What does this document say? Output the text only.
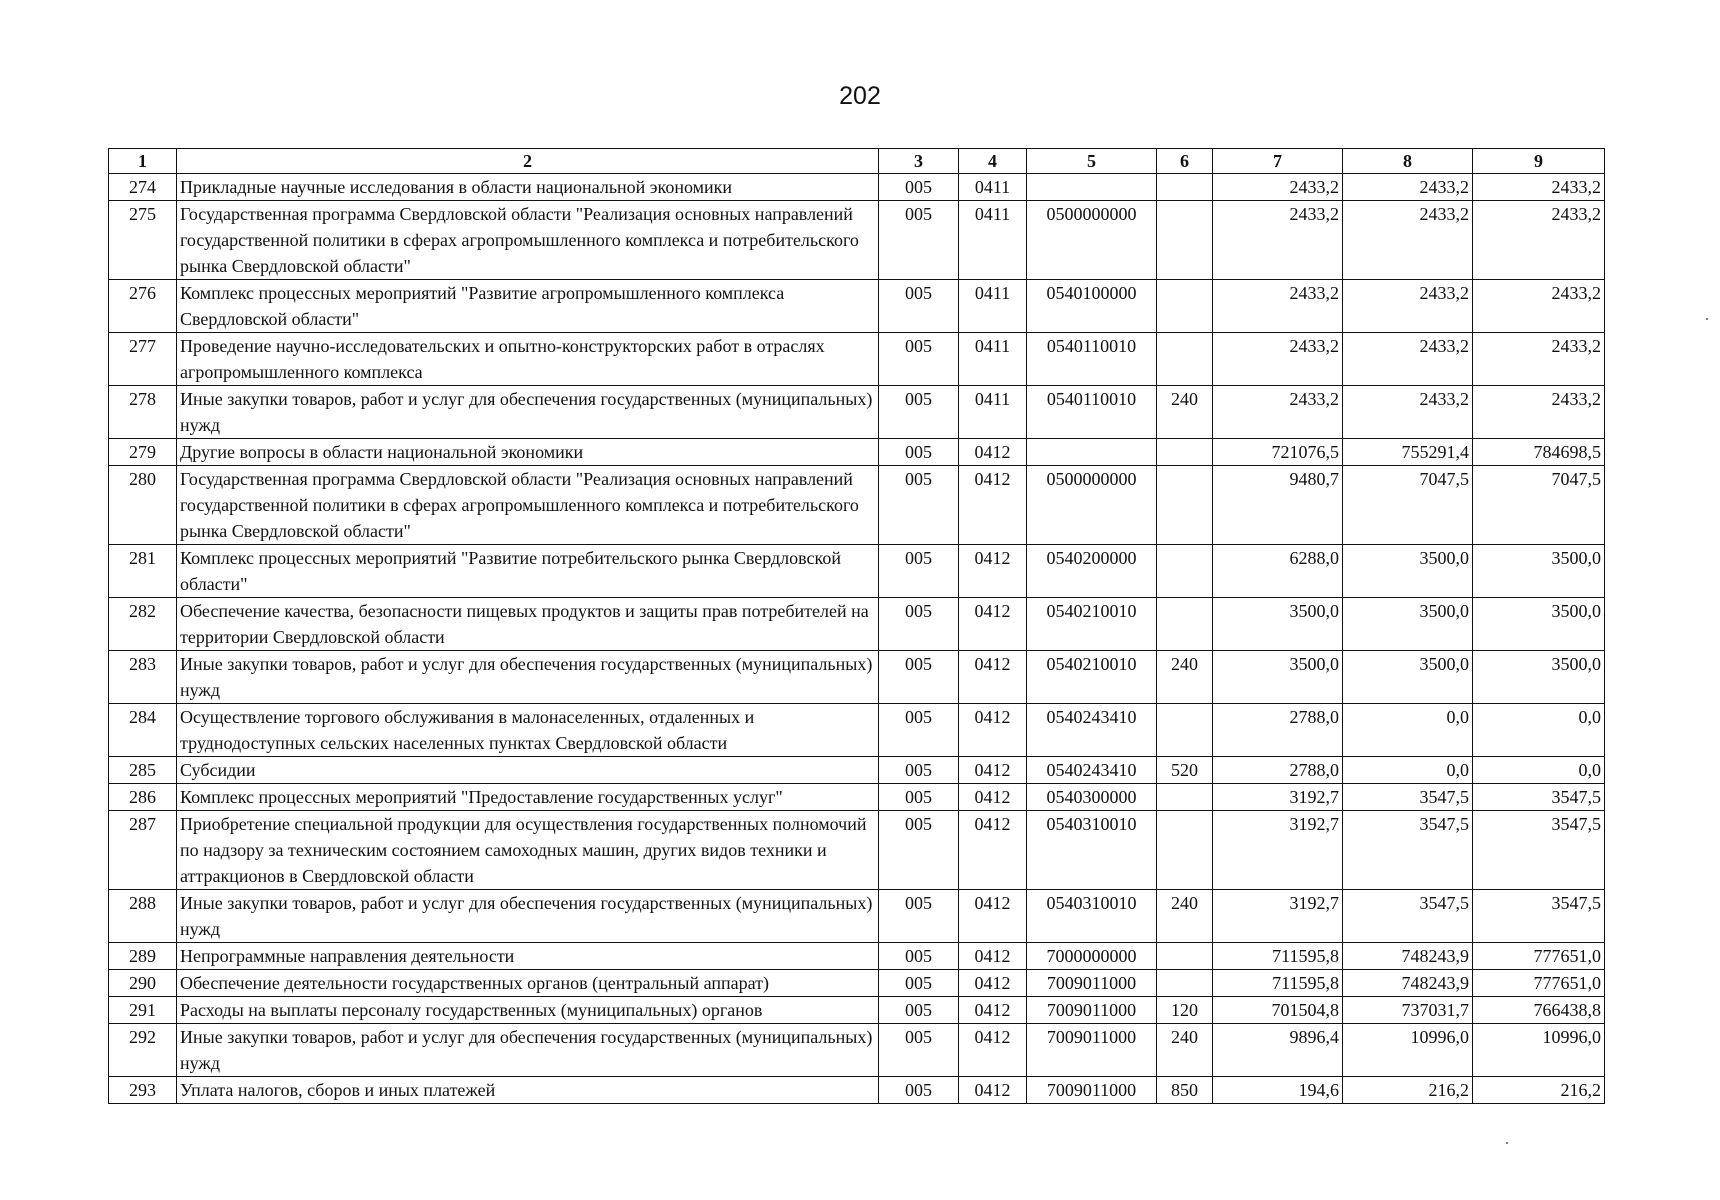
202
1	2	3	4	5	6	7	8	9
274	Прикладные научные исследования в области национальной экономики	005	0411			2433,2	2433,2	2433,2
275	Государственная программа Свердловской области "Реализация основных направлений государственной политики в сферах агропромышленного комплекса и потребительского рынка Свердловской области"	005	0411	0500000000		2433,2	2433,2	2433,2
276	Комплекс процессных мероприятий "Развитие агропромышленного комплекса Свердловской области"	005	0411	0540100000		2433,2	2433,2	2433,2
277	Проведение научно-исследовательских и опытно-конструкторских работ в отраслях агропромышленного комплекса	005	0411	0540110010		2433,2	2433,2	2433,2
278	Иные закупки товаров, работ и услуг для обеспечения государственных (муниципальных) нужд	005	0411	0540110010	240	2433,2	2433,2	2433,2
279	Другие вопросы в области национальной экономики	005	0412			721076,5	755291,4	784698,5
280	Государственная программа Свердловской области "Реализация основных направлений государственной политики в сферах агропромышленного комплекса и потребительского рынка Свердловской области"	005	0412	0500000000		9480,7	7047,5	7047,5
281	Комплекс процессных мероприятий "Развитие потребительского рынка Свердловской области"	005	0412	0540200000		6288,0	3500,0	3500,0
282	Обеспечение качества, безопасности пищевых продуктов и защиты прав потребителей на территории Свердловской области	005	0412	0540210010		3500,0	3500,0	3500,0
283	Иные закупки товаров, работ и услуг для обеспечения государственных (муниципальных) нужд	005	0412	0540210010	240	3500,0	3500,0	3500,0
284	Осуществление торгового обслуживания в малонаселенных, отдаленных и труднодоступных сельских населенных пунктах Свердловской области	005	0412	0540243410		2788,0	0,0	0,0
285	Субсидии	005	0412	0540243410	520	2788,0	0,0	0,0
286	Комплекс процессных мероприятий "Предоставление государственных услуг"	005	0412	0540300000		3192,7	3547,5	3547,5
287	Приобретение специальной продукции для осуществления государственных полномочий по надзору за техническим состоянием самоходных машин, других видов техники и аттракционов в Свердловской области	005	0412	0540310010		3192,7	3547,5	3547,5
288	Иные закупки товаров, работ и услуг для обеспечения государственных (муниципальных) нужд	005	0412	0540310010	240	3192,7	3547,5	3547,5
289	Непрограммные направления деятельности	005	0412	7000000000		711595,8	748243,9	777651,0
290	Обеспечение деятельности государственных органов (центральный аппарат)	005	0412	7009011000		711595,8	748243,9	777651,0
291	Расходы на выплаты персоналу государственных (муниципальных) органов	005	0412	7009011000	120	701504,8	737031,7	766438,8
292	Иные закупки товаров, работ и услуг для обеспечения государственных (муниципальных) нужд	005	0412	7009011000	240	9896,4	10996,0	10996,0
293	Уплата налогов, сборов и иных платежей	005	0412	7009011000	850	194,6	216,2	216,2
